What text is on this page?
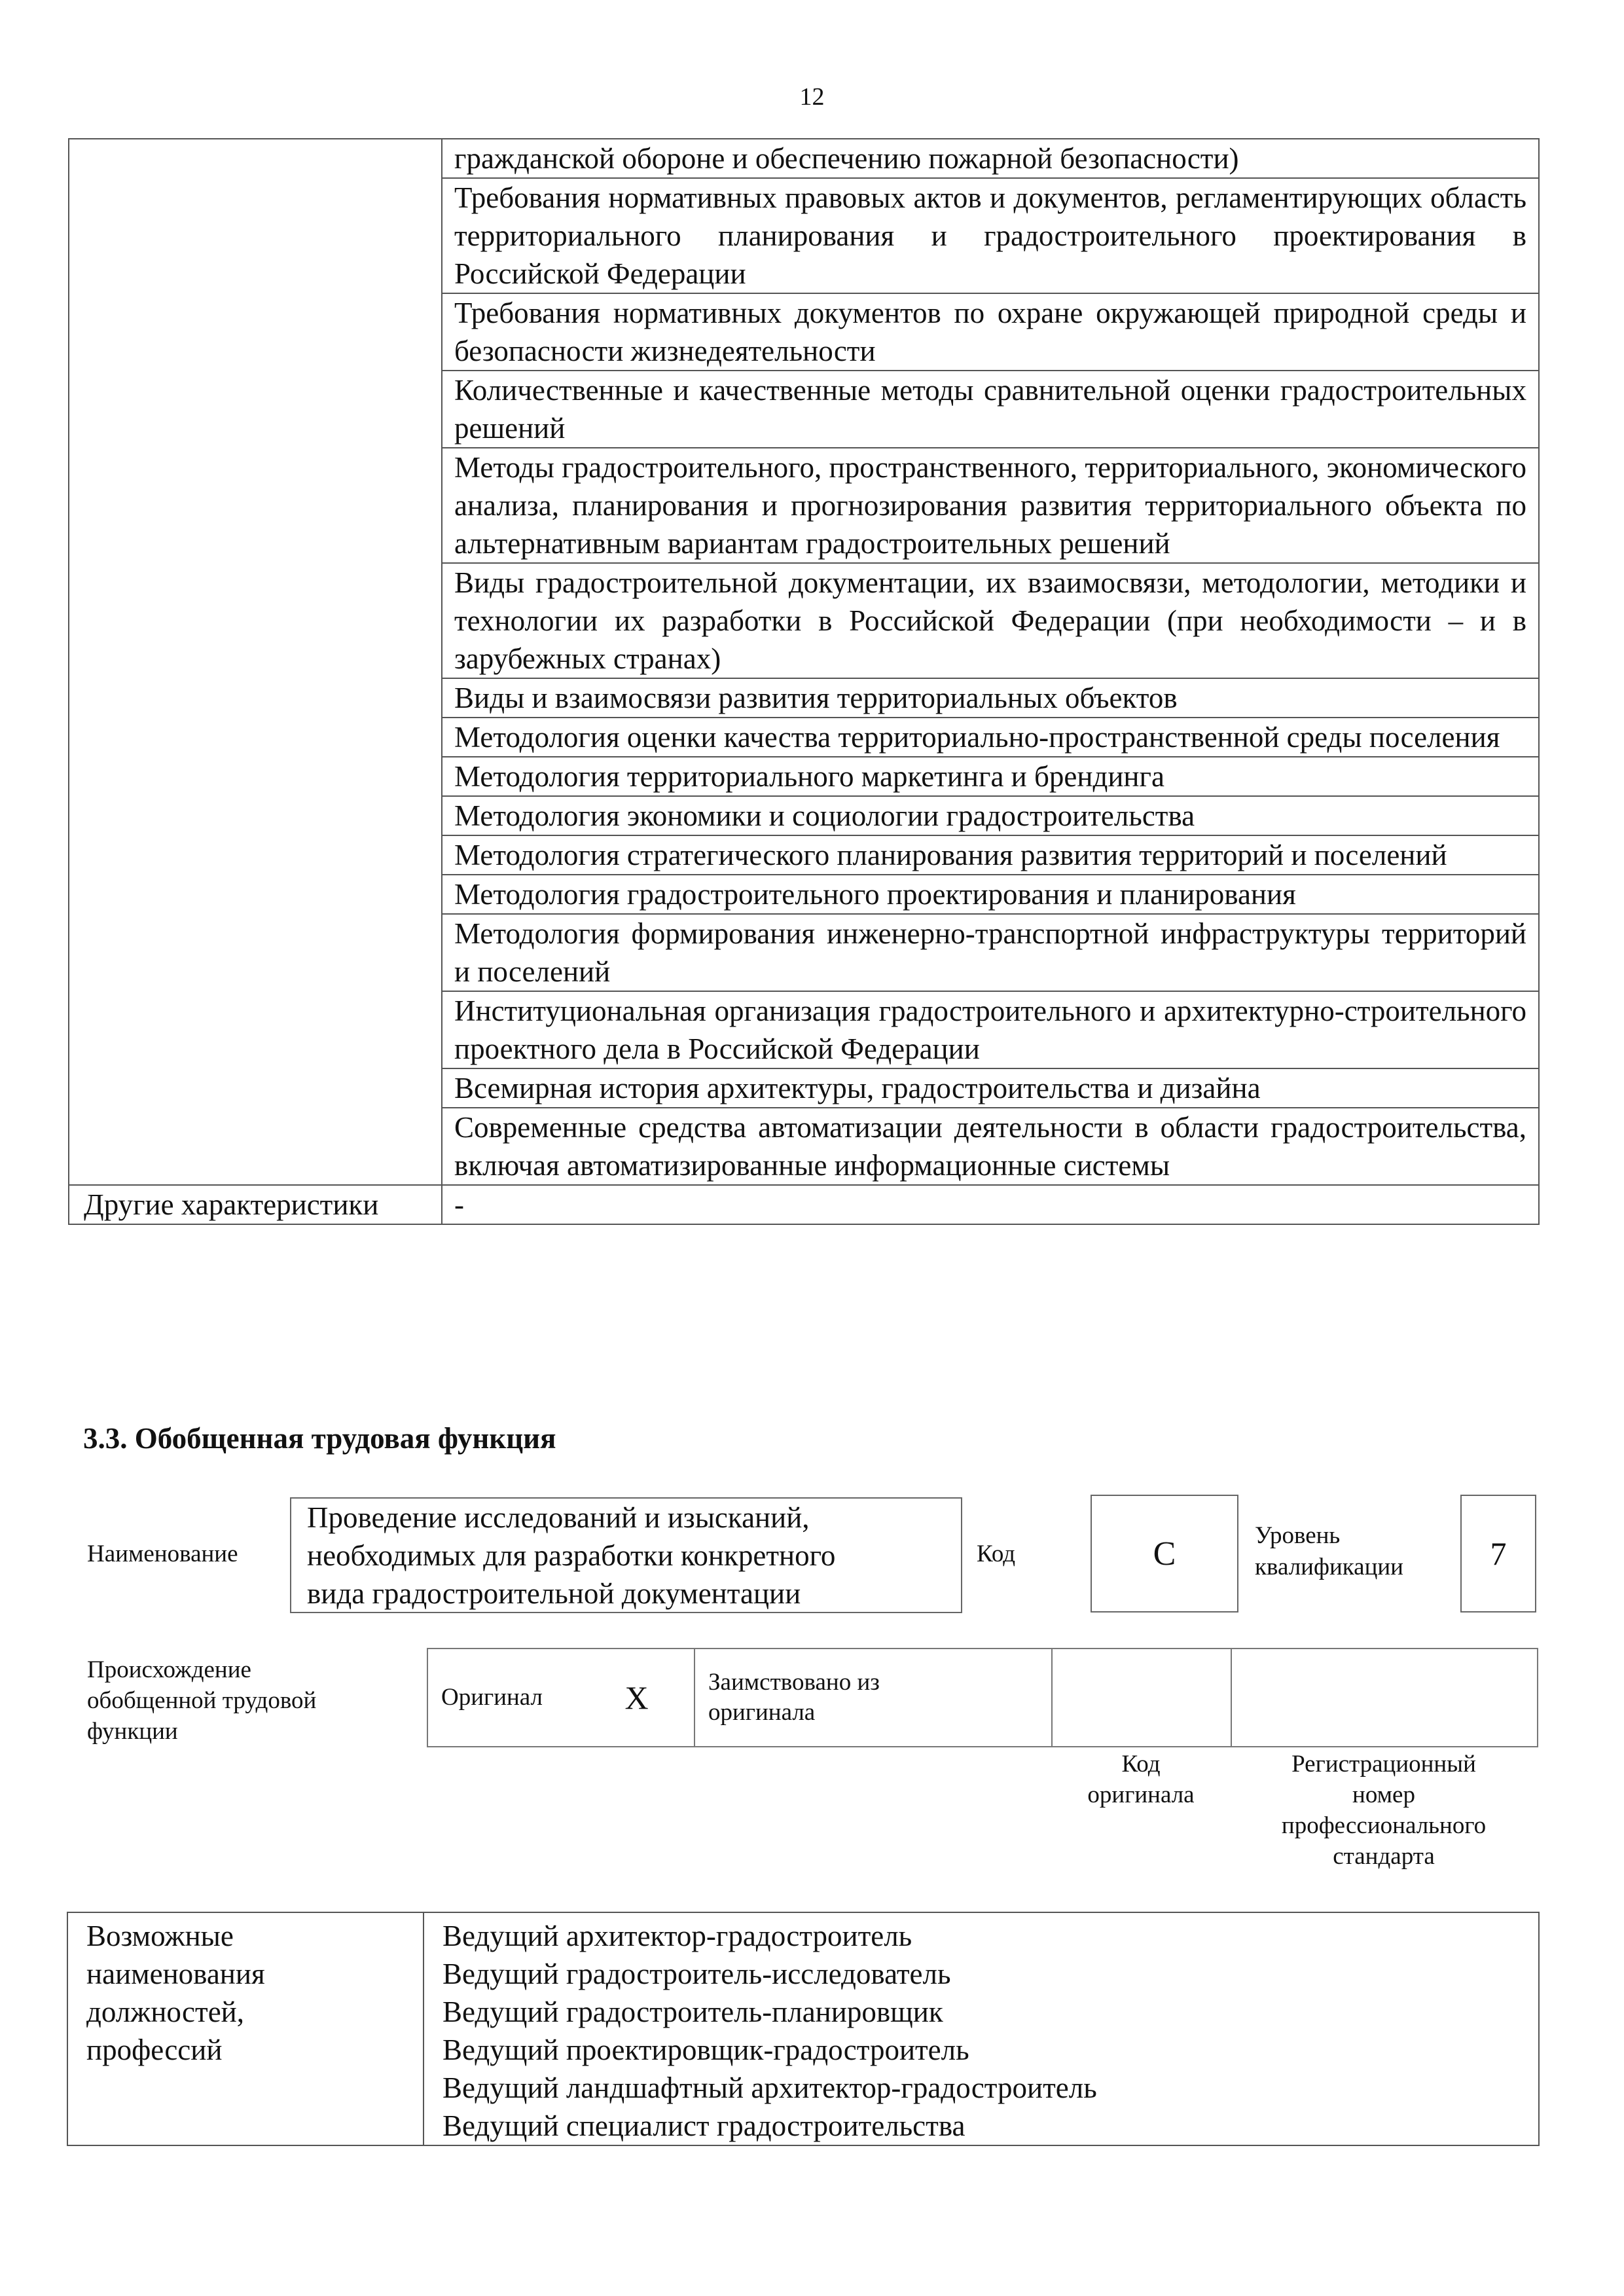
12
	гражданской обороне и обеспечению пожарной безопасности)
	Требования нормативных правовых актов и документов, регламентирующих область территориального планирования и градостроительного проектирования в Российской Федерации
	Требования нормативных документов по охране окружающей природной среды и безопасности жизнедеятельности
	Количественные и качественные методы сравнительной оценки градостроительных решений
	Методы градостроительного, пространственного, территориального, экономического анализа, планирования и прогнозирования развития территориального объекта по альтернативным вариантам градостроительных решений
	Виды градостроительной документации, их взаимосвязи, методологии, методики и технологии их разработки в Российской Федерации (при необходимости – и в зарубежных странах)
	Виды и взаимосвязи развития территориальных объектов
	Методология оценки качества территориально-пространственной среды поселения
	Методология территориального маркетинга и брендинга
	Методология экономики и социологии градостроительства
	Методология стратегического планирования развития территорий и поселений
	Методология градостроительного проектирования и планирования
	Методология формирования инженерно-транспортной инфраструктуры территорий и поселений
	Институциональная организация градостроительного и архитектурно-строительного проектного дела в Российской Федерации
	Всемирная история архитектуры, градостроительства и дизайна
	Современные средства автоматизации деятельности в области градостроительства, включая автоматизированные информационные системы
Другие характеристики	-
3.3. Обобщенная трудовая функция
Наименование
Проведение исследований и изысканий,
необходимых для разработки конкретного
вида градостроительной документации
Код	C	Уровень
квалификации	7
Происхождение
обобщенной трудовой
функции
Оригинал	X	Заимствовано из
оригинала

Код
оригинала
Регистрационный
номер
профессионального
стандарта
Возможные
наименования
должностей,
профессий

Ведущий архитектор-градостроитель
Ведущий градостроитель-исследователь
Ведущий градостроитель-планировщик
Ведущий проектировщик-градостроитель
Ведущий ландшафтный архитектор-градостроитель
Ведущий специалист градостроительства
